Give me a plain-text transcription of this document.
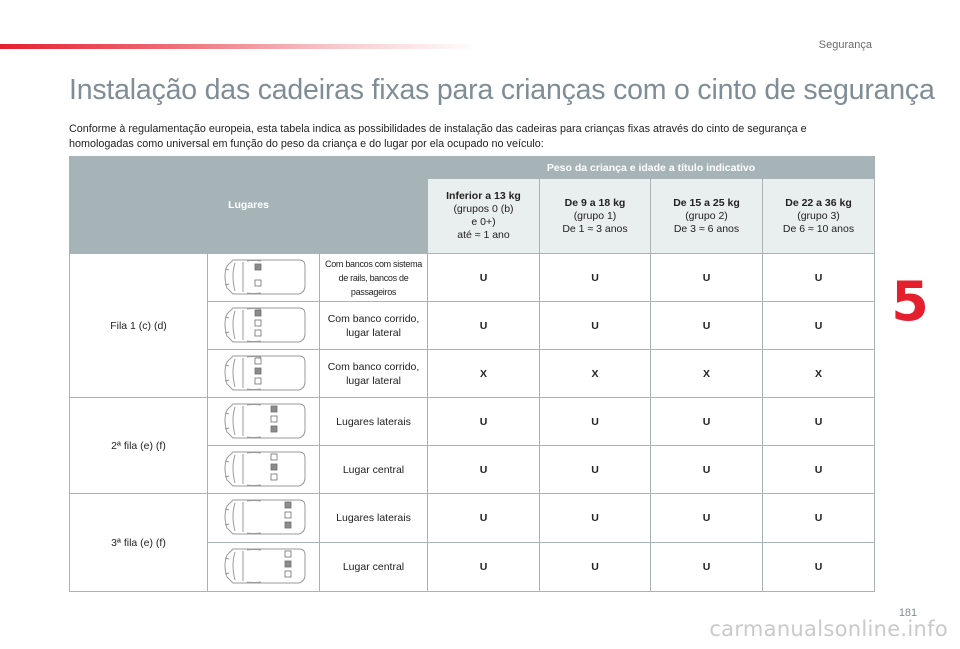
Segurança
5
Instalação das cadeiras fixas para crianças com o cinto de segurança

Conforme à regulamentação europeia, esta tabela indica as possibilidades de instalação das cadeiras para crianças fixas através do cinto de segurança e homologadas como universal em função do peso da criança e do lugar por ela ocupado no veículo:

Lugares			Peso da criança e idade a título indicativo			
			Inferior a 13 kg
(grupos 0 (b)
e 0+)
até ≈ 1 ano	De 9 a 18 kg
(grupo 1)
De 1 ≈ 3 anos	De 15 a 25 kg
(grupo 2)
De 3 ≈ 6 anos	De 22 a 36 kg
(grupo 3)
De 6 ≈ 10 anos
Fila 1 (c) (d)		Com bancos com sistema de rails, bancos de passageiros	U	U	U	U

	Com banco corrido, lugar lateral	U	U	U	U

	Com banco corrido, lugar lateral	X	X	X	X
2ª fila (e) (f)		Lugares laterais	U	U	U	U

	Lugar central	U	U	U	U
3ª fila (e) (f)		Lugares laterais	U	U	U	U

	Lugar central	U	U	U	U
181
carmanualsonline.info
